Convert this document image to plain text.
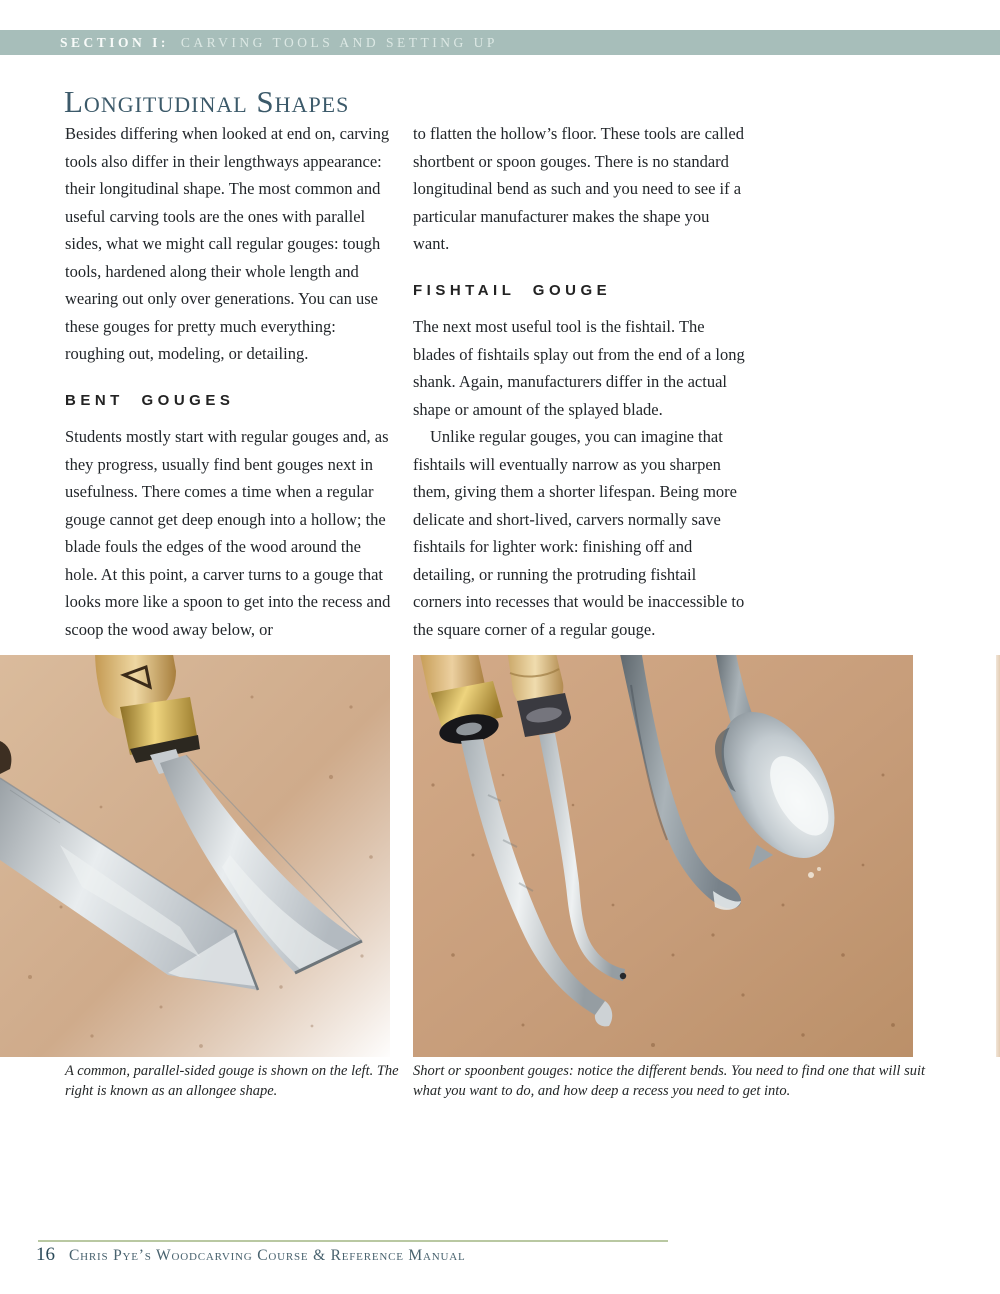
SECTION I: CARVING TOOLS AND SETTING UP
Longitudinal Shapes

Besides differing when looked at end on, carving tools also differ in their lengthways appearance: their longitudinal shape. The most common and useful carving tools are the ones with parallel sides, what we might call regular gouges: tough tools, hardened along their whole length and wearing out only over generations. You can use these gouges for pretty much everything: roughing out, modeling, or detailing.

BENT GOUGES

Students mostly start with regular gouges and, as they progress, usually find bent gouges next in usefulness. There comes a time when a regular gouge cannot get deep enough into a hollow; the blade fouls the edges of the wood around the hole. At this point, a carver turns to a gouge that looks more like a spoon to get into the recess and scoop the wood away below, or

to flatten the hollow’s floor. These tools are called shortbent or spoon gouges. There is no standard longitudinal bend as such and you need to see if a particular manufacturer makes the shape you want.

FISHTAIL GOUGE

The next most useful tool is the fishtail. The blades of fishtails splay out from the end of a long shank. Again, manufacturers differ in the actual shape or amount of the splayed blade.

Unlike regular gouges, you can imagine that fishtails will eventually narrow as you sharpen them, giving them a shorter lifespan. Being more delicate and short-lived, carvers normally save fishtails for lighter work: finishing off and detailing, or running the protruding fishtail corners into recesses that would be inaccessible to the square corner of a regular gouge.

A common, parallel-sided gouge is shown on the left. The right is known as an allongee shape.
Short or spoonbent gouges: notice the different bends. You need to find one that will suit what you want to do, and how deep a recess you need to get into.
16 Chris Pye’s Woodcarving Course & Reference Manual
